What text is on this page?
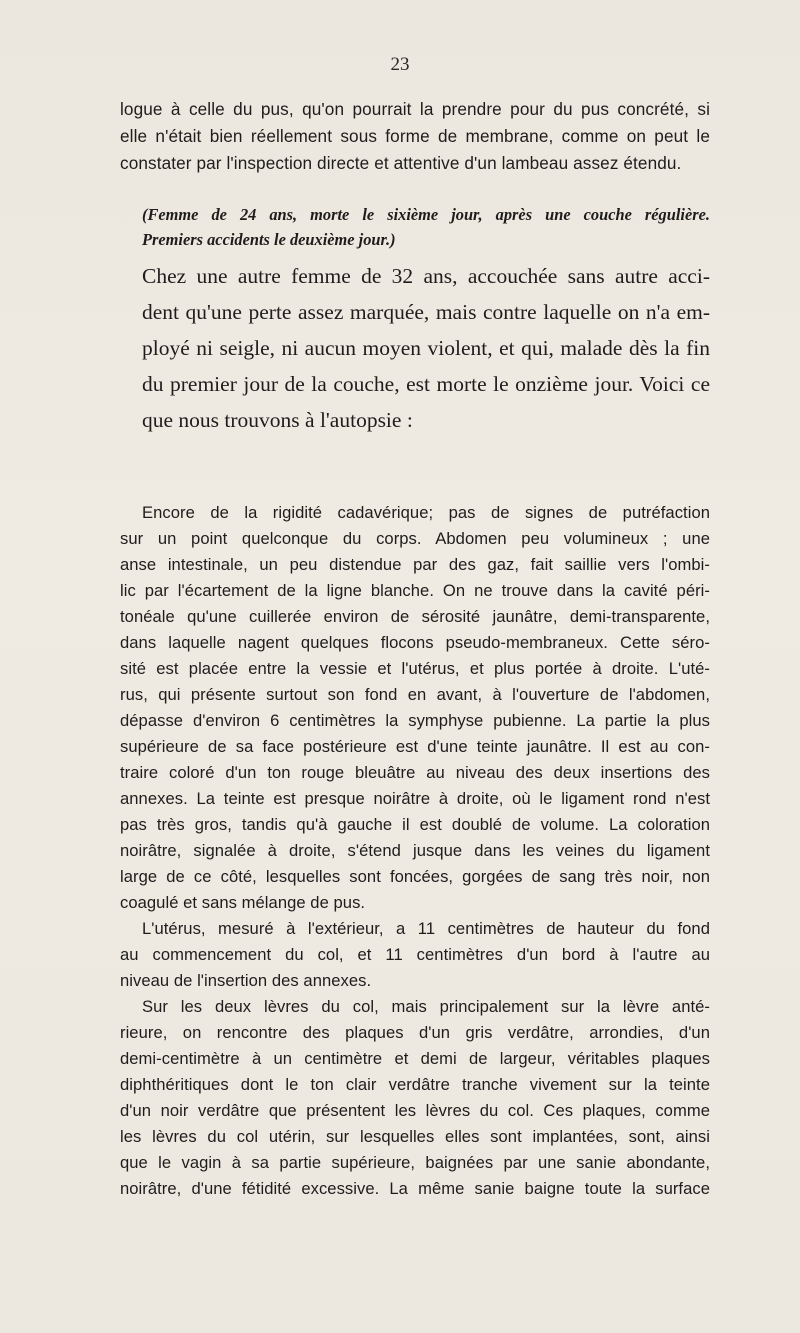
23
logue à celle du pus, qu'on pourrait la prendre pour du pus concrété, si
elle n'était bien réellement sous forme de membrane, comme on peut le
constater par l'inspection directe et attentive d'un lambeau assez étendu.
(Femme de 24 ans, morte le sixième jour, après une couche régulière.
Premiers accidents le deuxième jour.)
Chez une autre femme de 32 ans, accouchée sans autre acci-
dent qu'une perte assez marquée, mais contre laquelle on n'a em-
ployé ni seigle, ni aucun moyen violent, et qui, malade dès la fin
du premier jour de la couche, est morte le onzième jour. Voici ce
que nous trouvons à l'autopsie :
Encore de la rigidité cadavérique; pas de signes de putréfaction
sur un point quelconque du corps. Abdomen peu volumineux ; une
anse intestinale, un peu distendue par des gaz, fait saillie vers l'ombi-
lic par l'écartement de la ligne blanche. On ne trouve dans la cavité péri-
tonéale qu'une cuillerée environ de sérosité jaunâtre, demi-transparente,
dans laquelle nagent quelques flocons pseudo-membraneux. Cette séro-
sité est placée entre la vessie et l'utérus, et plus portée à droite. L'uté-
rus, qui présente surtout son fond en avant, à l'ouverture de l'abdomen,
dépasse d'environ 6 centimètres la symphyse pubienne. La partie la plus
supérieure de sa face postérieure est d'une teinte jaunâtre. Il est au con-
traire coloré d'un ton rouge bleuâtre au niveau des deux insertions des
annexes. La teinte est presque noirâtre à droite, où le ligament rond n'est
pas très gros, tandis qu'à gauche il est doublé de volume. La coloration
noirâtre, signalée à droite, s'étend jusque dans les veines du ligament
large de ce côté, lesquelles sont foncées, gorgées de sang très noir, non
coagulé et sans mélange de pus.
L'utérus, mesuré à l'extérieur, a 11 centimètres de hauteur du fond
au commencement du col, et 11 centimètres d'un bord à l'autre au
niveau de l'insertion des annexes.
Sur les deux lèvres du col, mais principalement sur la lèvre anté-
rieure, on rencontre des plaques d'un gris verdâtre, arrondies, d'un
demi-centimètre à un centimètre et demi de largeur, véritables plaques
diphthéritiques dont le ton clair verdâtre tranche vivement sur la teinte
d'un noir verdâtre que présentent les lèvres du col. Ces plaques, comme
les lèvres du col utérin, sur lesquelles elles sont implantées, sont, ainsi
que le vagin à sa partie supérieure, baignées par une sanie abondante,
noirâtre, d'une fétidité excessive. La même sanie baigne toute la surface
